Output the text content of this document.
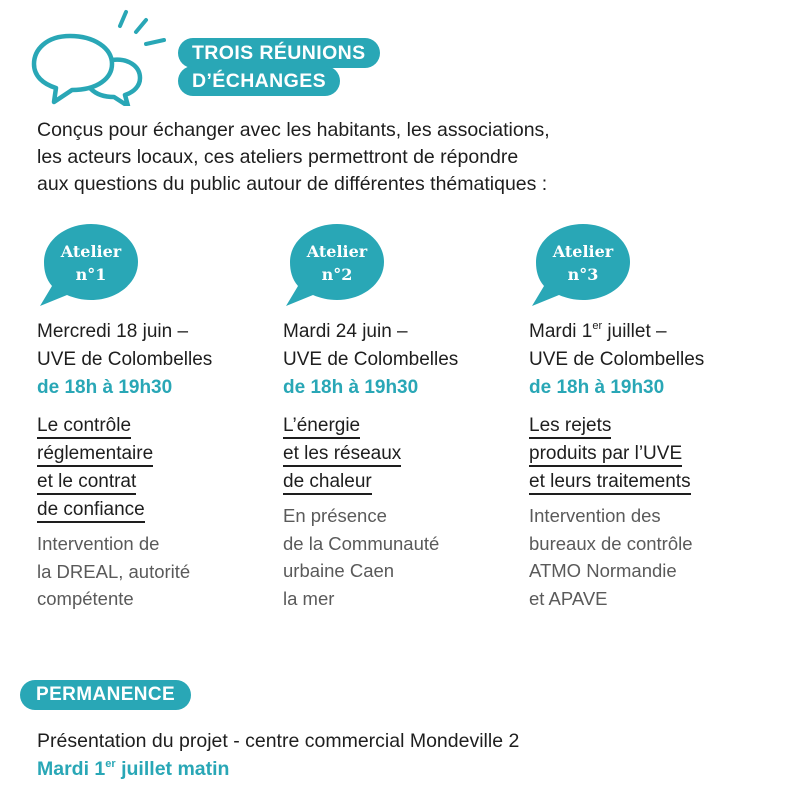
TROIS RÉUNIONS
D’ÉCHANGES

Conçus pour échanger avec les habitants, les associations,
les acteurs locaux, ces ateliers permettront de répondre
aux questions du public autour de différentes thématiques :

Atelier
n°1
Atelier
n°2
Atelier
n°3
Mercredi 18 juin –
UVE de Colombelles
de 18h à 19h30
Le contrôle
réglementaire
et le contrat
de confiance
Intervention de
la DREAL, autorité
compétente
Mardi 24 juin –
UVE de Colombelles
de 18h à 19h30
L’énergie
et les réseaux
de chaleur
En présence
de la Communauté
urbaine Caen
la mer
Mardi 1er juillet –
UVE de Colombelles
de 18h à 19h30
Les rejets
produits par l’UVE
et leurs traitements
Intervention des
bureaux de contrôle
ATMO Normandie
et APAVE
PERMANENCE
Présentation du projet - centre commercial Mondeville 2
Mardi 1er juillet matin
